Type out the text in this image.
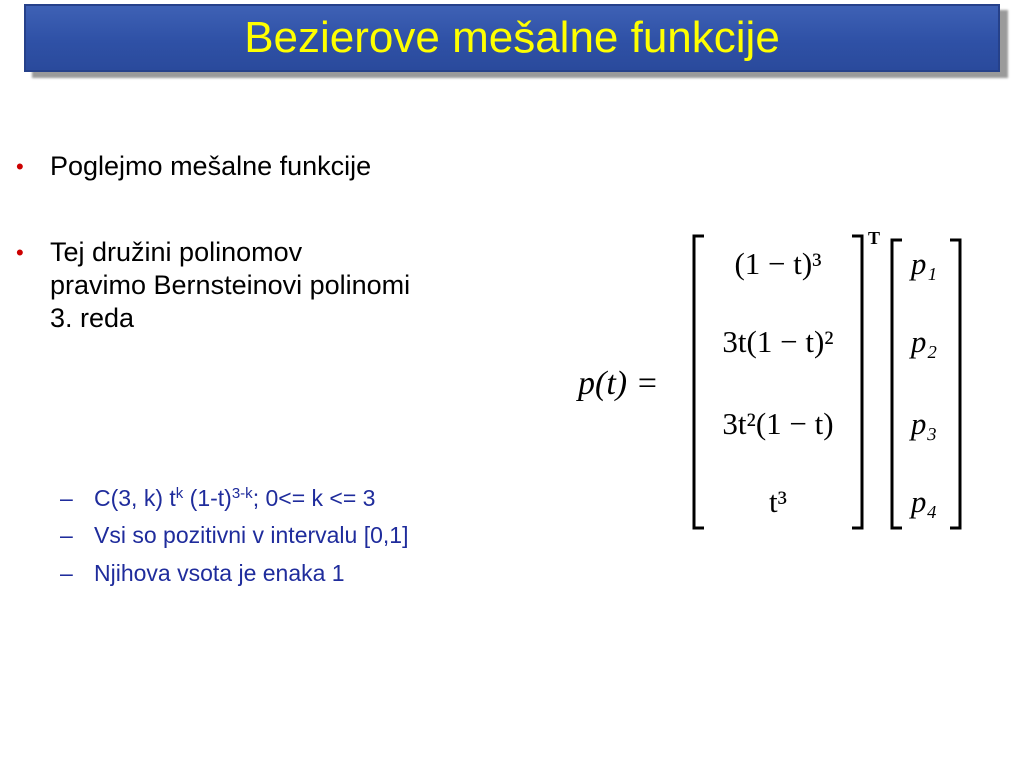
Bezierove mešalne funkcije
• Poglejmo mešalne funkcije
• Tej družini polinomov
pravimo Bernsteinovi polinomi
3. reda
– C(3, k) $t^k$ $(1-t)^{3-k}$; 0<= k <= 3
– Vsi so pozitivni v intervalu [0,1]
– Njihova vsota je enaka 1
p(t) =
(1 − t)³
3t(1 − t)²
3t²(1 − t)
t³
T
p₁
p₂
p₃
p₄
